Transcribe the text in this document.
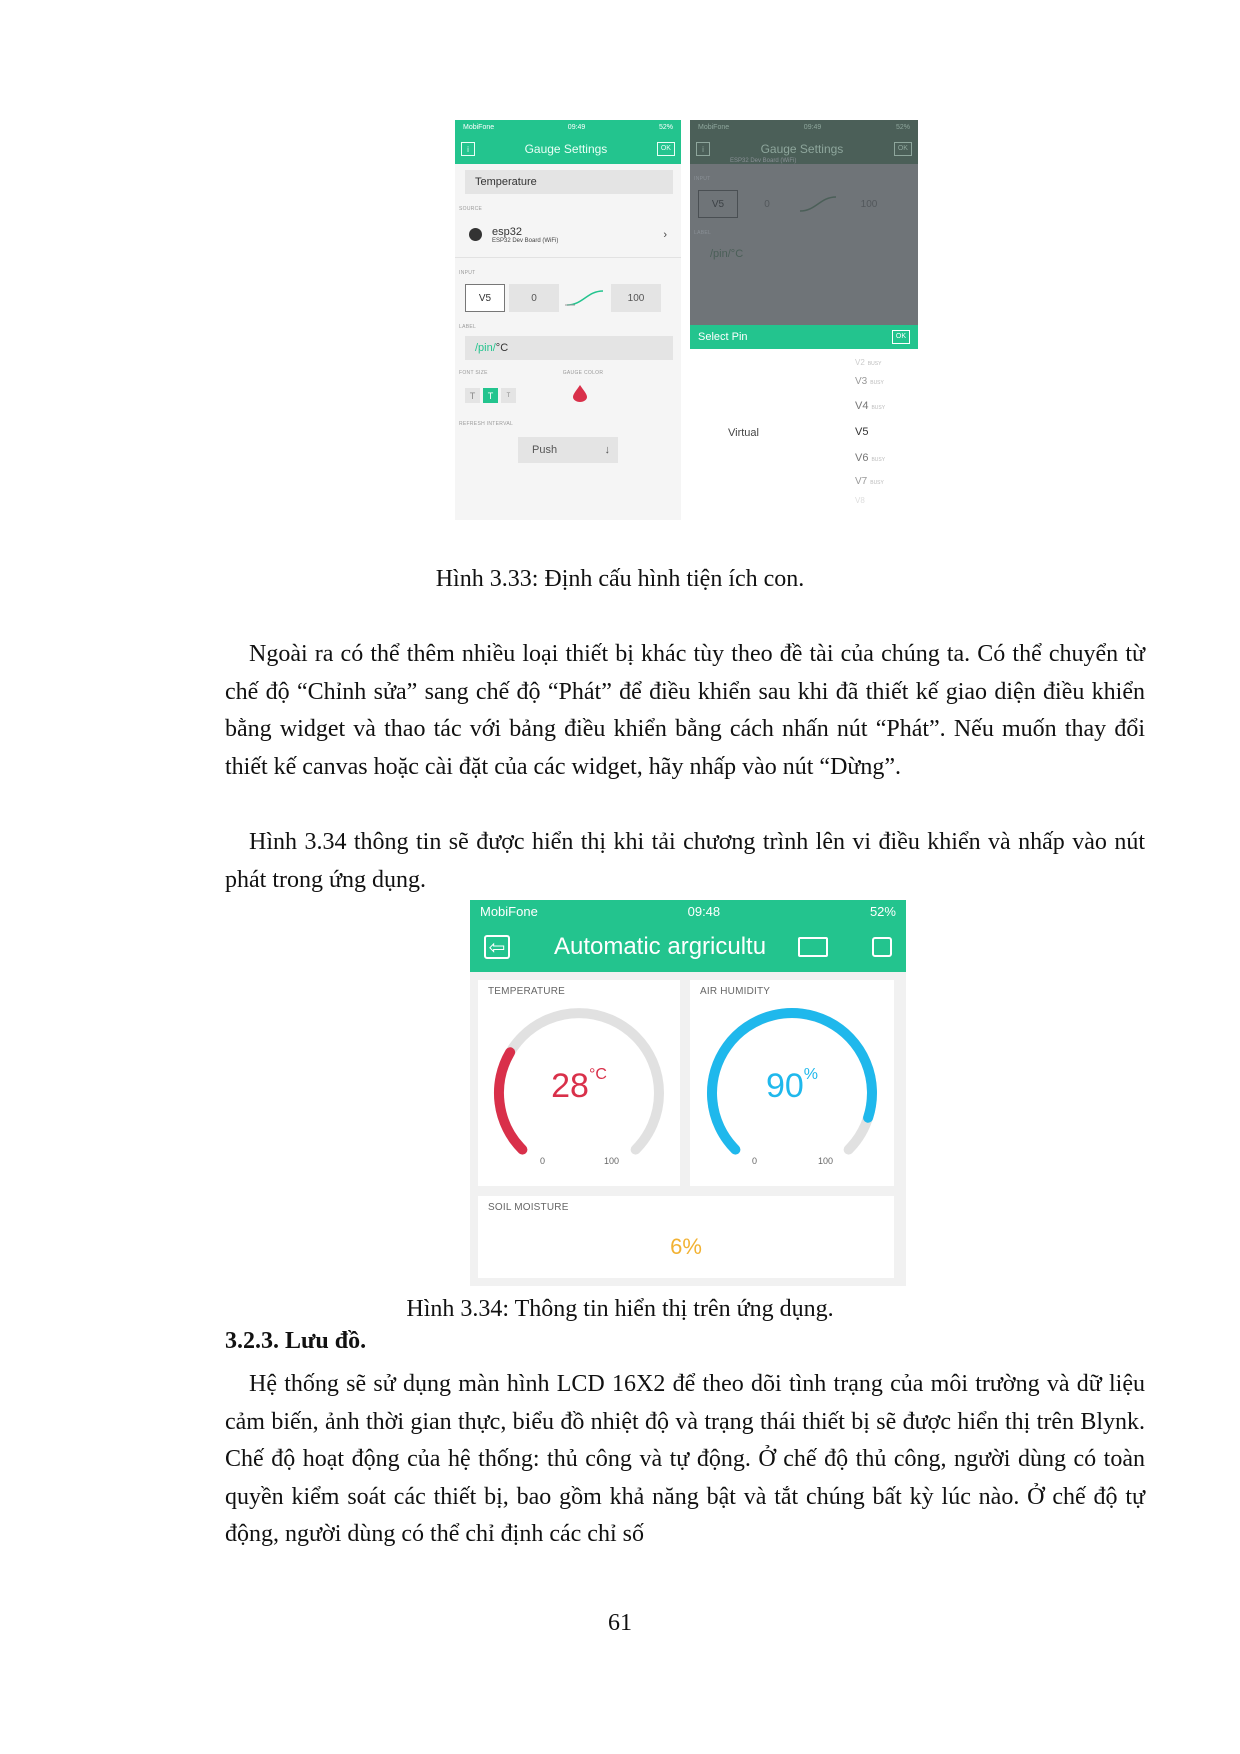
MobiFone	09:49	52%
i	Gauge Settings	OK
Temperature
SOURCE
esp32
ESP32 Dev Board (WiFi)	›
INPUT
V5	0	100
LABEL
/pin/°C
FONT SIZE	GAUGE COLOR
T	T	T
REFRESH INTERVAL
Push	↓
MobiFone	09:49	52%
i	Gauge Settings	OK
ESP32 Dev Board (WiFi)
INPUT
V5	0	100
LABEL
/pin/°C
Select Pin	OK
Virtual
V2 BUSY
V3 BUSY
V4 BUSY
V5
V6 BUSY
V7 BUSY
V8
Hình 3.33: Định cấu hình tiện ích con.

Ngoài ra có thể thêm nhiều loại thiết bị khác tùy theo đề tài của chúng ta. Có thể chuyển từ chế độ “Chỉnh sửa” sang chế độ “Phát” để điều khiển sau khi đã thiết kế giao diện điều khiển bằng widget và thao tác với bảng điều khiển bằng cách nhấn nút “Phát”. Nếu muốn thay đổi thiết kế canvas hoặc cài đặt của các widget, hãy nhấp vào nút “Dừng”.

Hình 3.34 thông tin sẽ được hiển thị khi tải chương trình lên vi điều khiển và nhấp vào nút phát trong ứng dụng.

MobiFone	09:48	52%
⇦ Automatic argricultu
TEMPERATURE
$28^{^\circ C}$
0	100
AIR HUMIDITY
90%
0	100
SOIL MOISTURE
6%
Hình 3.34: Thông tin hiển thị trên ứng dụng.
3.2.3. Lưu đồ.

Hệ thống sẽ sử dụng màn hình LCD 16X2 để theo dõi tình trạng của môi trường và dữ liệu cảm biến, ảnh thời gian thực, biểu đồ nhiệt độ và trạng thái thiết bị sẽ được hiển thị trên Blynk. Chế độ hoạt động của hệ thống: thủ công và tự động. Ở chế độ thủ công, người dùng có toàn quyền kiểm soát các thiết bị, bao gồm khả năng bật và tắt chúng bất kỳ lúc nào. Ở chế độ tự động, người dùng có thể chỉ định các chỉ số

61
